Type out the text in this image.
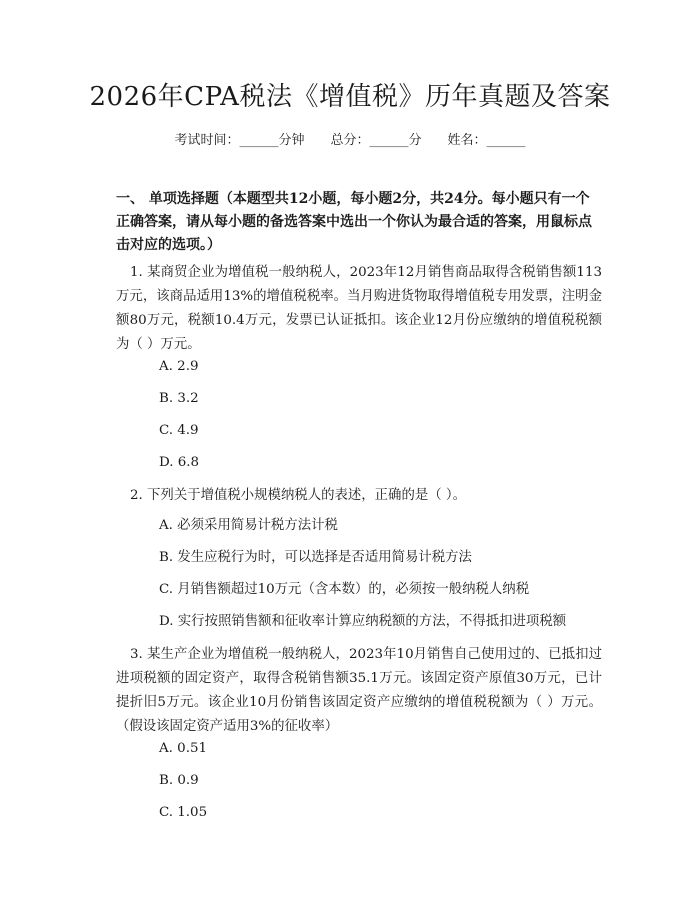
2026年CPA税法《增值税》历年真题及答案
考试时间：______分钟 总分：______分 姓名：______
一、 单项选择题（本题型共12小题，每小题2分，共24分。每小题只有一个正确答案，请从每小题的备选答案中选出一个你认为最合适的答案，用鼠标点击对应的选项。）
1. 某商贸企业为增值税一般纳税人，2023年12月销售商品取得含税销售额113万元，该商品适用13%的增值税税率。当月购进货物取得增值税专用发票，注明金额80万元，税额10.4万元，发票已认证抵扣。该企业12月份应缴纳的增值税税额为（ ）万元。
A. 2.9
B. 3.2
C. 4.9
D. 6.8
2. 下列关于增值税小规模纳税人的表述，正确的是（ ）。
A. 必须采用简易计税方法计税
B. 发生应税行为时，可以选择是否适用简易计税方法
C. 月销售额超过10万元（含本数）的，必须按一般纳税人纳税
D. 实行按照销售额和征收率计算应纳税额的方法，不得抵扣进项税额
3. 某生产企业为增值税一般纳税人，2023年10月销售自己使用过的、已抵扣过进项税额的固定资产，取得含税销售额35.1万元。该固定资产原值30万元，已计提折旧5万元。该企业10月份销售该固定资产应缴纳的增值税税额为（ ）万元。（假设该固定资产适用3%的征收率）
A. 0.51
B. 0.9
C. 1.05
